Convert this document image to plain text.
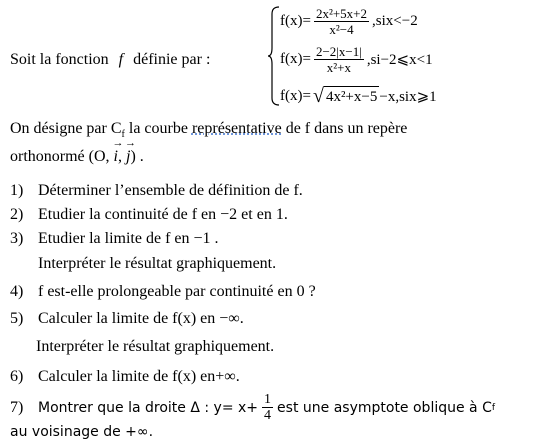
Soit la fonction f définie par :
$f(x)= \frac{\text{2x²+5x+2}}{\text{x²−4}} ,six<-2$
$f(x)= \frac{2-2|x-1|}{\text{x²+x}}$ ,si−2⩽x<1
f(x)= √ 4x²+x−5 −x,six⩾1
On désigne par $C_f$ la courbe représentative de f dans un repère
orthonormé (O, → i, → j) .
1) Déterminer l’ensemble de définition de f.
2) Etudier la continuité de f en −2 et en 1.
3) Etudier la limite de f en −1 .
Interpréter le résultat graphiquement.
4) f est-elle prolongeable par continuité en 0 ?
5) Calculer la limite de f(x) en −∞.
Interpréter le résultat graphiquement.
6) Calculer la limite de f(x) en+∞.
7)	Montrer que la droite Δ : $y= x+ \frac{1}{4}$ est une asymptote oblique à C f
au voisinage de +∞.
